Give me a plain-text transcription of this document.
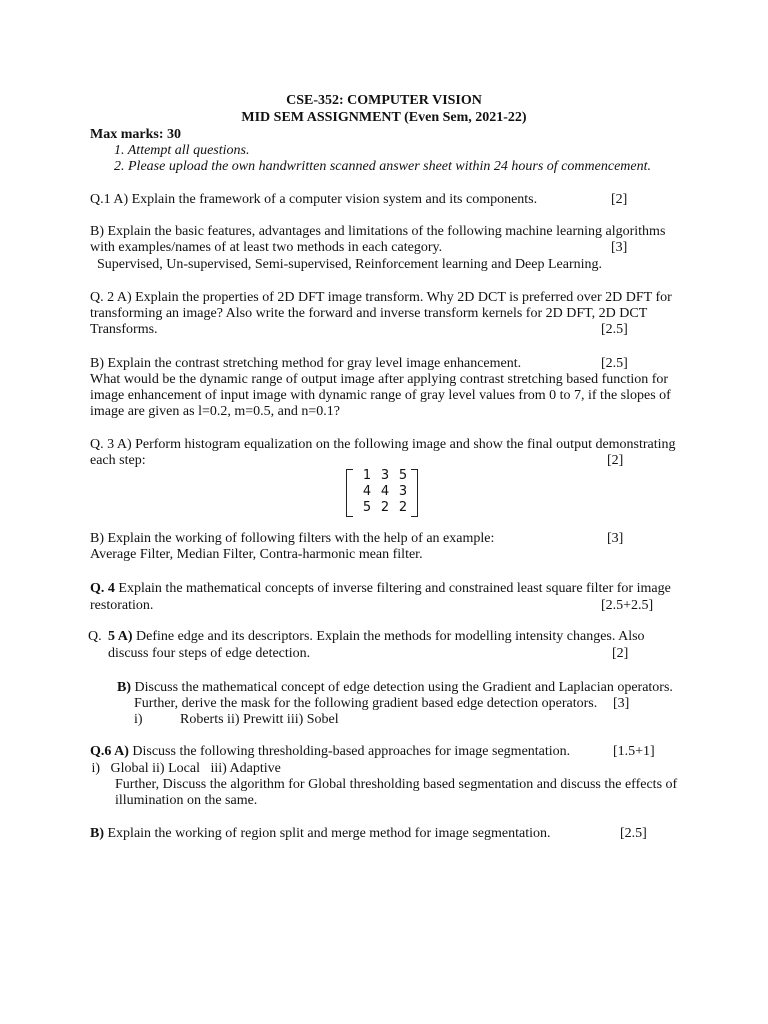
CSE-352: COMPUTER VISION
MID SEM ASSIGNMENT (Even Sem, 2021-22)
Max marks: 30
1. Attempt all questions.
2. Please upload the own handwritten scanned answer sheet within 24 hours of commencement.
Q.1 A) Explain the framework of a computer vision system and its components.	[2]
B) Explain the basic features, advantages and limitations of the following machine learning algorithms
with examples/names of at least two methods in each category.	[3]
Supervised, Un-supervised, Semi-supervised, Reinforcement learning and Deep Learning.
Q. 2 A) Explain the properties of 2D DFT image transform. Why 2D DCT is preferred over 2D DFT for
transforming an image? Also write the forward and inverse transform kernels for 2D DFT, 2D DCT
Transforms.	[2.5]
B) Explain the contrast stretching method for gray level image enhancement.	[2.5]
What would be the dynamic range of output image after applying contrast stretching based function for
image enhancement of input image with dynamic range of gray level values from 0 to 7, if the slopes of
image are given as l=0.2, m=0.5, and n=0.1?
Q. 3 A) Perform histogram equalization on the following image and show the final output demonstrating
each step:	[2]
1 3 5
4 4 3
5 2 2
B) Explain the working of following filters with the help of an example:	[3]
Average Filter, Median Filter, Contra-harmonic mean filter.
Q. 4 Explain the mathematical concepts of inverse filtering and constrained least square filter for image
restoration.	[2.5+2.5]
Q. 5 A) Define edge and its descriptors. Explain the methods for modelling intensity changes. Also
discuss four steps of edge detection.	[2]
B) Discuss the mathematical concept of edge detection using the Gradient and Laplacian operators.
Further, derive the mask for the following gradient based edge detection operators. [3]
i)	Roberts ii) Prewitt iii) Sobel
Q.6 A) Discuss the following thresholding-based approaches for image segmentation.	[1.5+1]
i)   Global ii) Local   iii) Adaptive
Further, Discuss the algorithm for Global thresholding based segmentation and discuss the effects of
illumination on the same.
B) Explain the working of region split and merge method for image segmentation.	[2.5]
